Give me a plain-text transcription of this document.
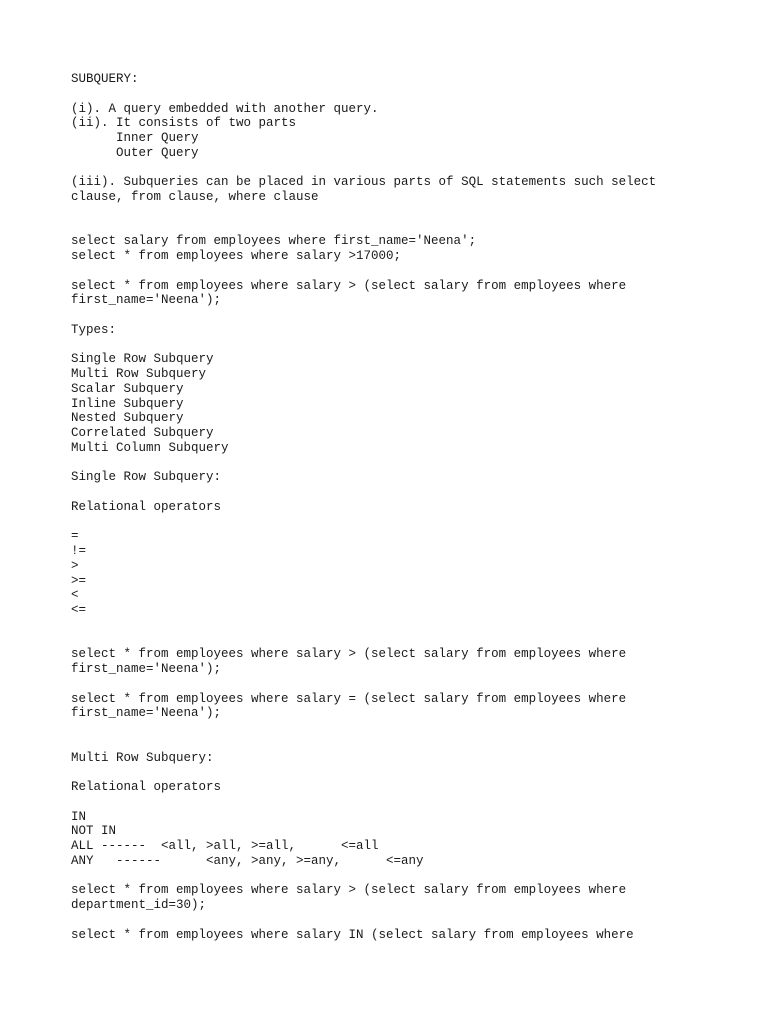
SUBQUERY:
(i). A query embedded with another query.
(ii). It consists of two parts
Inner Query
Outer Query
(iii). Subqueries can be placed in various parts of SQL statements such select
clause, from clause, where clause
select salary from employees where first_name='Neena';
select * from employees where salary >17000;
select * from employees where salary > (select salary from employees where
first_name='Neena');
Types:
Single Row Subquery
Multi Row Subquery
Scalar Subquery
Inline Subquery
Nested Subquery
Correlated Subquery
Multi Column Subquery
Single Row Subquery:
Relational operators
=
!=
>
>=
<
<=
select * from employees where salary > (select salary from employees where
first_name='Neena');
select * from employees where salary = (select salary from employees where
first_name='Neena');
Multi Row Subquery:
Relational operators
IN
NOT IN
ALL ------  <all, >all, >=all,      <=all
ANY   ------      <any, >any, >=any,      <=any
select * from employees where salary > (select salary from employees where
department_id=30);
select * from employees where salary IN (select salary from employees where
